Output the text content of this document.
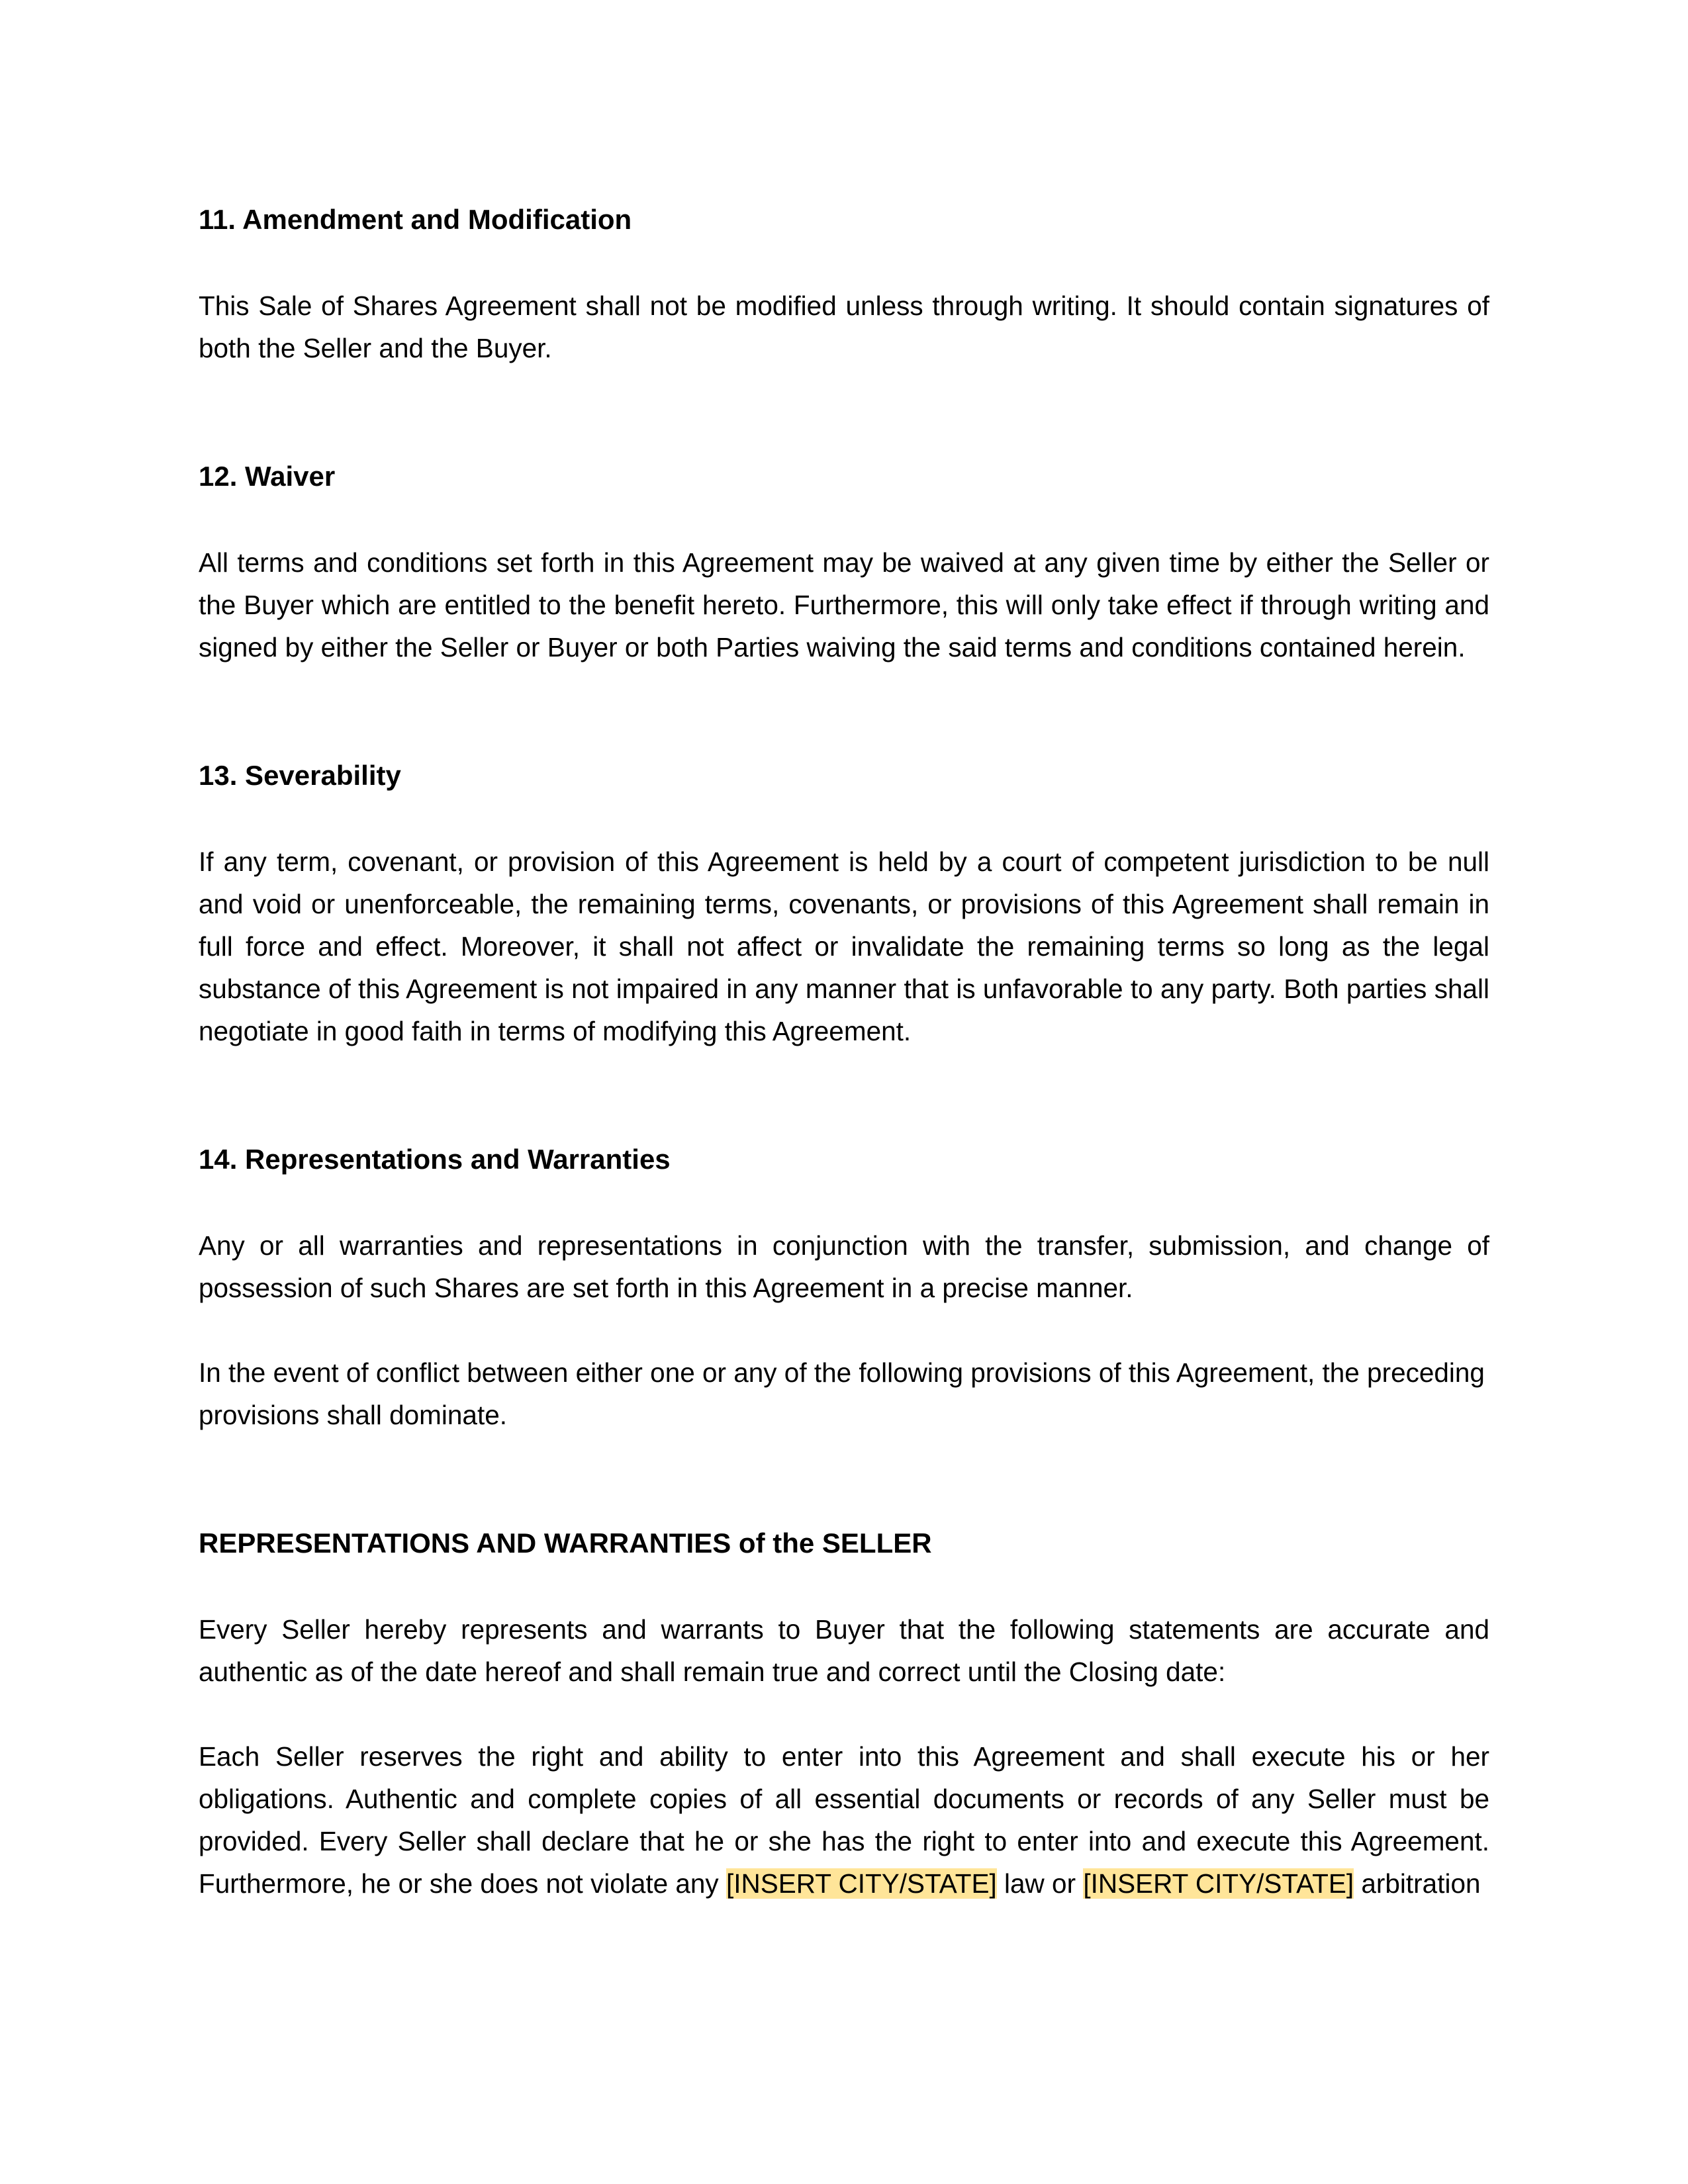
11. Amendment and Modification

This Sale of Shares Agreement shall not be modified unless through writing. It should contain signatures of both the Seller and the Buyer.

12. Waiver

All terms and conditions set forth in this Agreement may be waived at any given time by either the Seller or the Buyer which are entitled to the benefit hereto. Furthermore, this will only take effect if through writing and signed by either the Seller or Buyer or both Parties waiving the said terms and conditions contained herein.

13. Severability

If any term, covenant, or provision of this Agreement is held by a court of competent jurisdiction to be null and void or unenforceable, the remaining terms, covenants, or provisions of this Agreement shall remain in full force and effect. Moreover, it shall not affect or invalidate the remaining terms so long as the legal substance of this Agreement is not impaired in any manner that is unfavorable to any party. Both parties shall negotiate in good faith in terms of modifying this Agreement.

14. Representations and Warranties

Any or all warranties and representations in conjunction with the transfer, submission, and change of possession of such Shares are set forth in this Agreement in a precise manner.

In the event of conflict between either one or any of the following provisions of this Agreement, the preceding provisions shall dominate.

REPRESENTATIONS AND WARRANTIES of the SELLER

Every Seller hereby represents and warrants to Buyer that the following statements are accurate and authentic as of the date hereof and shall remain true and correct until the Closing date:

Each Seller reserves the right and ability to enter into this Agreement and shall execute his or her obligations. Authentic and complete copies of all essential documents or records of any Seller must be provided. Every Seller shall declare that he or she has the right to enter into and execute this Agreement. Furthermore, he or she does not violate any [INSERT CITY/STATE] law or [INSERT CITY/STATE] arbitration
